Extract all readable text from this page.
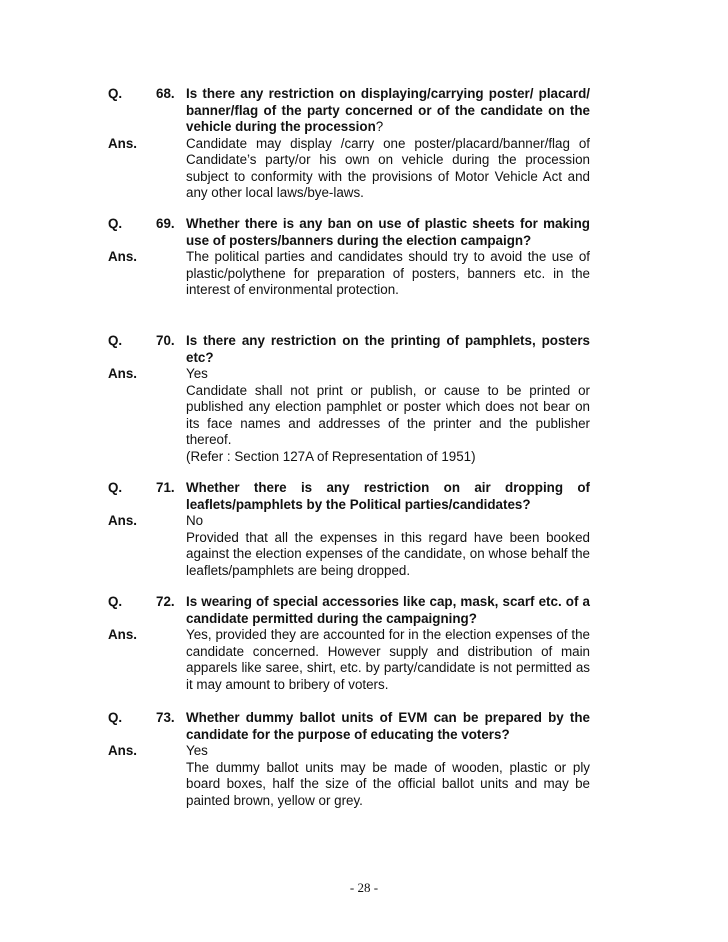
Q.	68. Is there any restriction on displaying/carrying poster/ placard/ banner/flag of the party concerned or of the candidate on the vehicle during the procession?
Ans.	Candidate may display /carry one poster/placard/banner/flag of Candidate’s party/or his own on vehicle during the procession subject to conformity with the provisions of Motor Vehicle Act and any other local laws/bye-laws.
Q.	69. Whether there is any ban on use of plastic sheets for making use of posters/banners during the election campaign?
Ans.	The political parties and candidates should try to avoid the use of plastic/polythene for preparation of posters, banners etc. in the interest of environmental protection.
Q.	70. Is there any restriction on the printing of pamphlets, posters etc?
Ans.	Yes
Candidate shall not print or publish, or cause to be printed or published any election pamphlet or poster which does not bear on its face names and addresses of the printer and the publisher thereof.
(Refer : Section 127A of Representation of 1951)
Q.	71. Whether there is any restriction on air dropping of leaflets/pamphlets by the Political parties/candidates?
Ans.	No
Provided that all the expenses in this regard have been booked against the election expenses of the candidate, on whose behalf the leaflets/pamphlets are being dropped.
Q.	72. Is wearing of special accessories like cap, mask, scarf etc. of a candidate permitted during the campaigning?
Ans.	Yes, provided they are accounted for in the election expenses of the candidate concerned. However supply and distribution of main apparels like saree, shirt, etc. by party/candidate is not permitted as it may amount to bribery of voters.
Q.	73. Whether dummy ballot units of EVM can be prepared by the candidate for the purpose of educating the voters?
Ans.	Yes
The dummy ballot units may be made of wooden, plastic or ply board boxes, half the size of the official ballot units and may be painted brown, yellow or grey.
- 28 -
